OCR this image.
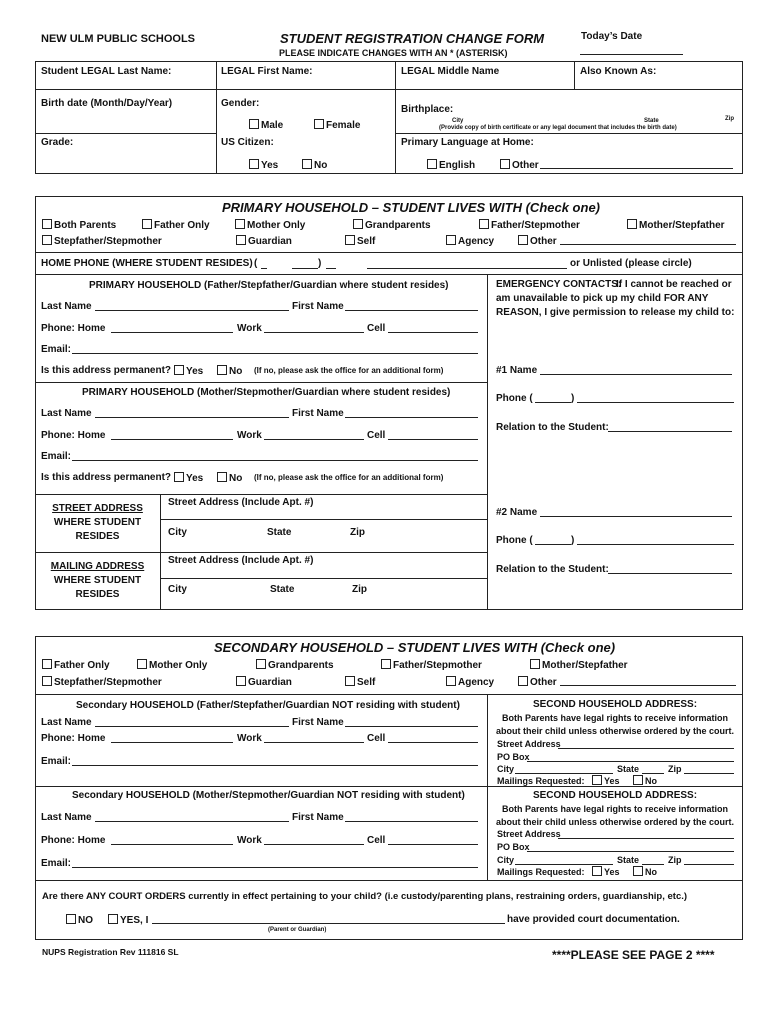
NEW ULM PUBLIC SCHOOLS	STUDENT REGISTRATION CHANGE FORM
PLEASE INDICATE CHANGES WITH AN * (ASTERISK)
Today’s Date
Student LEGAL Last Name:	LEGAL First Name:	LEGAL Middle Name	Also Known As:
Birth date (Month/Day/Year)	Gender:
Male	Female
Birthplace:
City	State	Zip
(Provide copy of birth certificate or any legal document that includes the birth date)
Grade:	US Citizen:
Yes	No
Primary Language at Home:
English	Other
PRIMARY HOUSEHOLD – STUDENT LIVES WITH (Check one)
Both Parents	Father Only	Mother Only	Grandparents	Father/Stepmother	Mother/Stepfather
Stepfather/Stepmother	Guardian	Self	Agency	Other
HOME PHONE (WHERE STUDENT RESIDES) (	)	or Unlisted (please circle)
PRIMARY HOUSEHOLD (Father/Stepfather/Guardian where student resides)
Last Name	First Name
Phone: Home	Work	Cell
Email:
Is this address permanent?	Yes	No (If no, please ask the office for an additional form)
PRIMARY HOUSEHOLD (Mother/Stepmother/Guardian where student resides)
Last Name	First Name
Phone: Home	Work	Cell
Email:
Is this address permanent?	Yes	No (If no, please ask the office for an additional form)
EMERGENCY CONTACTS:
If I cannot be reached or
am unavailable to pick up my child FOR ANY
REASON, I give permission to release my child to:
#1 Name
Phone (	)
Relation to the Student:
#2 Name
Phone (	)
Relation to the Student:
STREET ADDRESS
WHERE STUDENT
RESIDES
Street Address (Include Apt. #)
City	State	Zip
MAILING ADDRESS
WHERE STUDENT
RESIDES
Street Address (Include Apt. #)
City	State	Zip
SECONDARY HOUSEHOLD – STUDENT LIVES WITH (Check one)
Father Only	Mother Only	Grandparents	Father/Stepmother	Mother/Stepfather
Stepfather/Stepmother	Guardian	Self	Agency	Other
Secondary HOUSEHOLD (Father/Stepfather/Guardian NOT residing with student)
Last Name	First Name
Phone: Home	Work	Cell
Email:
Secondary HOUSEHOLD (Mother/Stepmother/Guardian NOT residing with student)
Last Name	First Name
Phone: Home	Work	Cell
Email:
SECOND HOUSEHOLD ADDRESS:
Both Parents have legal rights to receive information
about their child unless otherwise ordered by the court.
Street Address
PO Box
City	State	Zip
Mailings Requested:	Yes	No
SECOND HOUSEHOLD ADDRESS:
Both Parents have legal rights to receive information
about their child unless otherwise ordered by the court.
Street Address
PO Box
City	State	Zip
Mailings Requested:	Yes	No
Are there ANY COURT ORDERS currently in effect pertaining to your child? (i.e custody/parenting plans, restraining orders, guardianship, etc.)
NO	YES, I	have provided court documentation.
(Parent or Guardian)
NUPS Registration Rev 111816 SL	****PLEASE SEE PAGE 2 ****
